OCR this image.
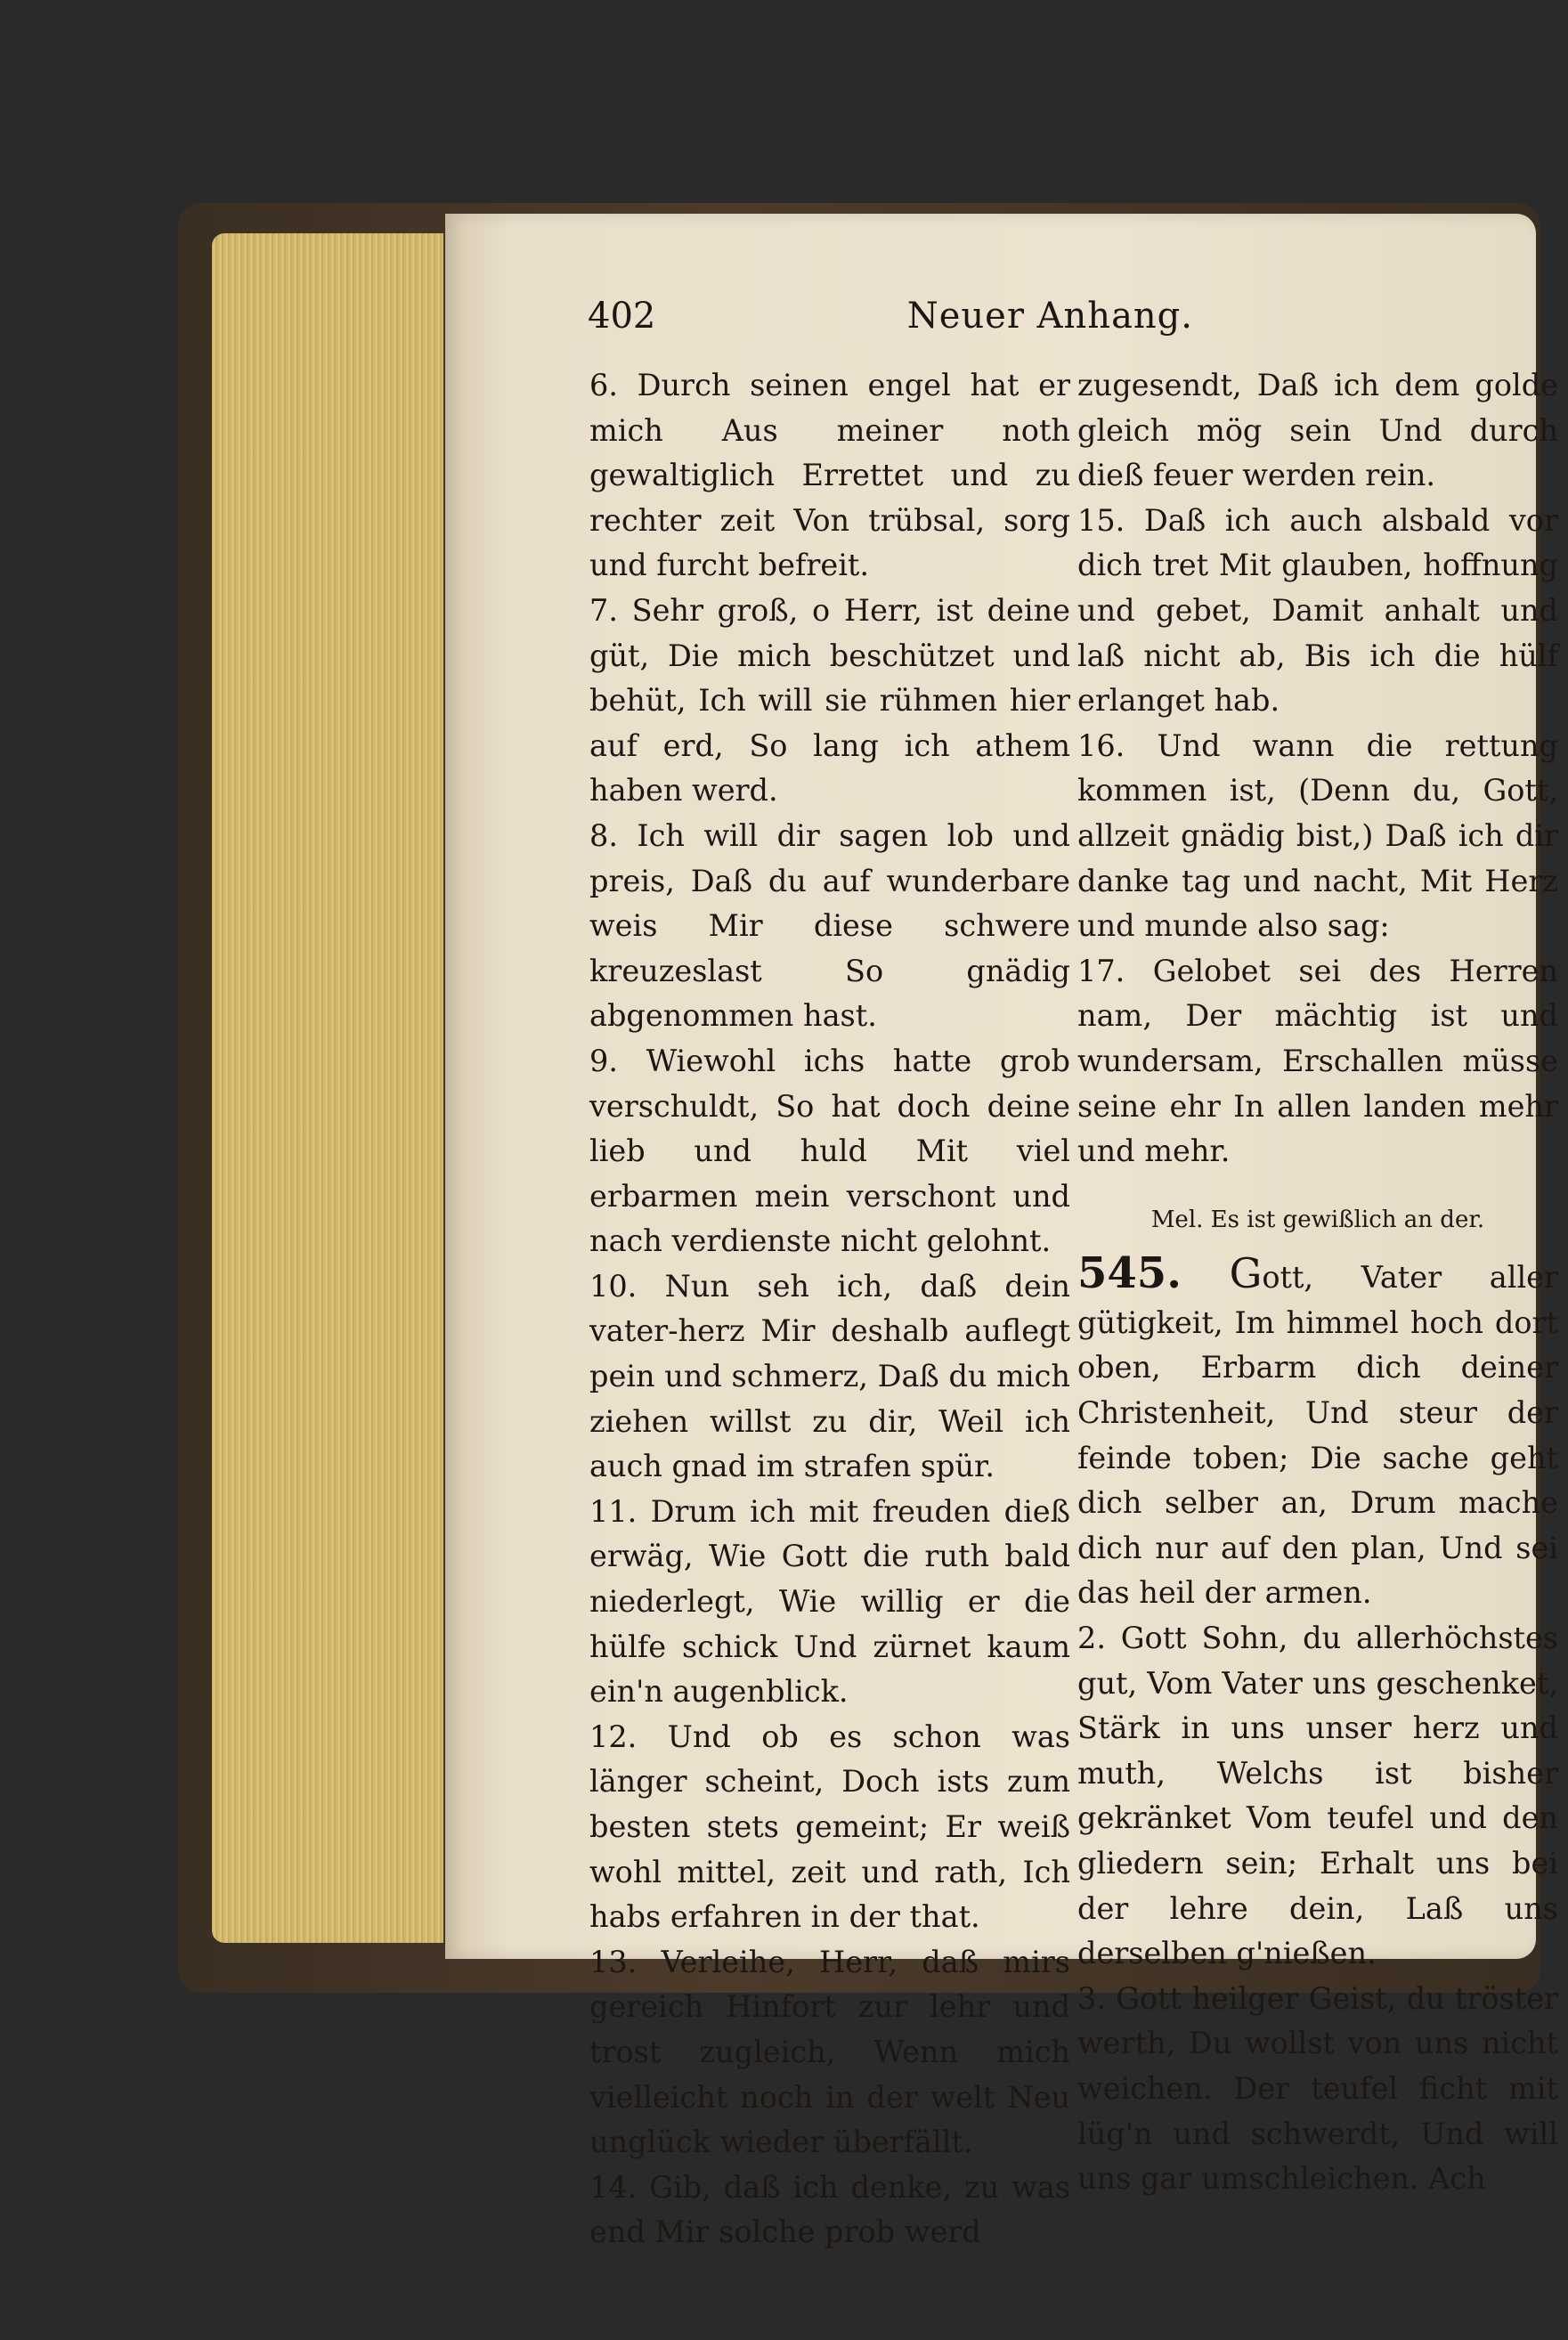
402	Neuer Anhang.

6. Durch seinen engel hat er mich Aus meiner noth gewaltiglich Errettet und zu rechter zeit Von trübsal, sorg und furcht befreit.

7. Sehr groß, o Herr, ist deine güt, Die mich beschützet und behüt, Ich will sie rühmen hier auf erd, So lang ich athem haben werd.

8. Ich will dir sagen lob und preis, Daß du auf wunderbare weis Mir diese schwere kreuzeslast So gnädig abgenommen hast.

9. Wiewohl ichs hatte grob verschuldt, So hat doch deine lieb und huld Mit viel erbarmen mein verschont und nach verdienste nicht gelohnt.

10. Nun seh ich, daß dein vater-herz Mir deshalb auflegt pein und schmerz, Daß du mich ziehen willst zu dir, Weil ich auch gnad im strafen spür.

11. Drum ich mit freuden dieß erwäg, Wie Gott die ruth bald niederlegt, Wie willig er die hülfe schick Und zürnet kaum ein'n augenblick.

12. Und ob es schon was länger scheint, Doch ists zum besten stets gemeint; Er weiß wohl mittel, zeit und rath, Ich habs erfahren in der that.

13. Verleihe, Herr, daß mirs gereich Hinfort zur lehr und trost zugleich, Wenn mich vielleicht noch in der welt Neu unglück wieder überfällt.

14. Gib, daß ich denke, zu was end Mir solche prob werd

zugesendt, Daß ich dem golde gleich mög sein Und durch dieß feuer werden rein.

15. Daß ich auch alsbald vor dich tret Mit glauben, hoffnung und gebet, Damit anhalt und laß nicht ab, Bis ich die hülf erlanget hab.

16. Und wann die rettung kommen ist, (Denn du, Gott, allzeit gnädig bist,) Daß ich dir danke tag und nacht, Mit Herz und munde also sag:

17. Gelobet sei des Herren nam, Der mächtig ist und wundersam, Erschallen müsse seine ehr In allen landen mehr und mehr.

Mel. Es ist gewißlich an der.

545. Gott, Vater aller gütigkeit, Im himmel hoch dort oben, Erbarm dich deiner Christenheit, Und steur der feinde toben; Die sache geht dich selber an, Drum mache dich nur auf den plan, Und sei das heil der armen.

2. Gott Sohn, du allerhöchstes gut, Vom Vater uns geschenket, Stärk in uns unser herz und muth, Welchs ist bisher gekränket Vom teufel und den gliedern sein; Erhalt uns bei der lehre dein, Laß uns derselben g'nießen.

3. Gott heilger Geist, du tröster werth, Du wollst von uns nicht weichen. Der teufel ficht mit lüg'n und schwerdt, Und will uns gar umschleichen. Ach
